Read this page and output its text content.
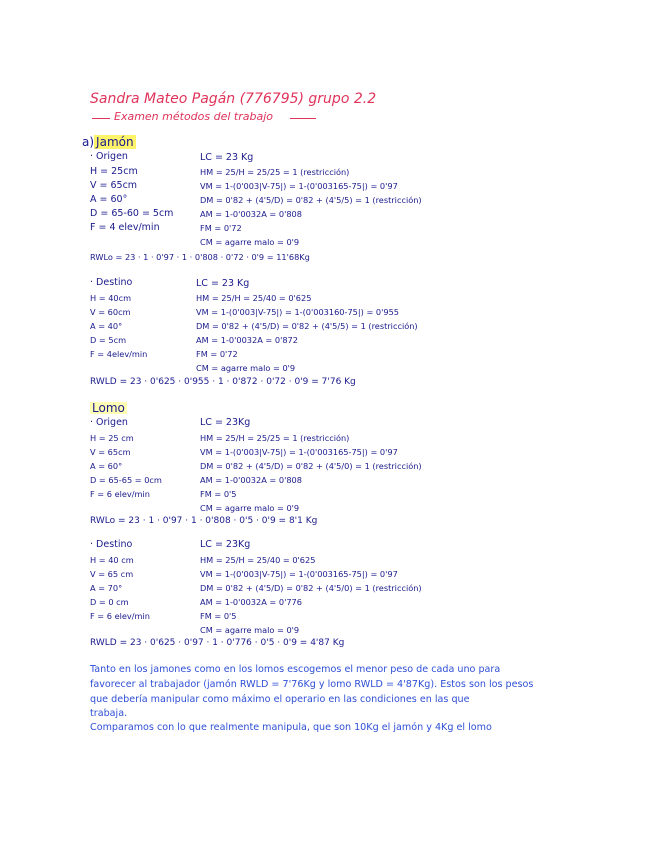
Sandra Mateo Pagán (776795) grupo 2.2
Examen métodos del trabajo
a) Jamón
· Origen
H = 25cm
V = 65cm
A = 60°
D = 65-60 = 5cm
F = 4 elev/min
LC = 23 Kg
HM = 25/H = 25/25 = 1 (restricción)
VM = 1-(0'003|V-75|) = 1-(0'003165-75|) = 0'97
DM = 0'82 + (4'5/D) = 0'82 + (4'5/5) = 1 (restricción)
AM = 1-0'0032A = 0'808
FM = 0'72
CM = agarre malo = 0'9
RWLo = 23 · 1 · 0'97 · 1 · 0'808 · 0'72 · 0'9 = 11'68Kg
· Destino
H = 40cm
V = 60cm
A = 40°
D = 5cm
F = 4elev/min
LC = 23 Kg
HM = 25/H = 25/40 = 0'625
VM = 1-(0'003|V-75|) = 1-(0'003160-75|) = 0'955
DM = 0'82 + (4'5/D) = 0'82 + (4'5/5) = 1 (restricción)
AM = 1-0'0032A = 0'872
FM = 0'72
CM = agarre malo = 0'9
RWLD = 23 · 0'625 · 0'955 · 1 · 0'872 · 0'72 · 0'9 = 7'76 Kg
Lomo
· Origen
H = 25 cm
V = 65cm
A = 60°
D = 65-65 = 0cm
F = 6 elev/min
LC = 23Kg
HM = 25/H = 25/25 = 1 (restricción)
VM = 1-(0'003|V-75|) = 1-(0'003165-75|) = 0'97
DM = 0'82 + (4'5/D) = 0'82 + (4'5/0) = 1 (restricción)
AM = 1-0'0032A = 0'808
FM = 0'5
CM = agarre malo = 0'9
RWLo = 23 · 1 · 0'97 · 1 · 0'808 · 0'5 · 0'9 = 8'1 Kg
· Destino
H = 40 cm
V = 65 cm
A = 70°
D = 0 cm
F = 6 elev/min
LC = 23Kg
HM = 25/H = 25/40 = 0'625
VM = 1-(0'003|V-75|) = 1-(0'003165-75|) = 0'97
DM = 0'82 + (4'5/D) = 0'82 + (4'5/0) = 1 (restricción)
AM = 1-0'0032A = 0'776
FM = 0'5
CM = agarre malo = 0'9
RWLD = 23 · 0'625 · 0'97 · 1 · 0'776 · 0'5 · 0'9 = 4'87 Kg
Tanto en los jamones como en los lomos escogemos el menor peso de cada uno para
favorecer al trabajador (jamón RWLD = 7'76Kg y lomo RWLD = 4'87Kg). Estos son los pesos
que debería manipular como máximo el operario en las condiciones en las que
trabaja.
Comparamos con lo que realmente manipula, que son 10Kg el jamón y 4Kg el lomo
